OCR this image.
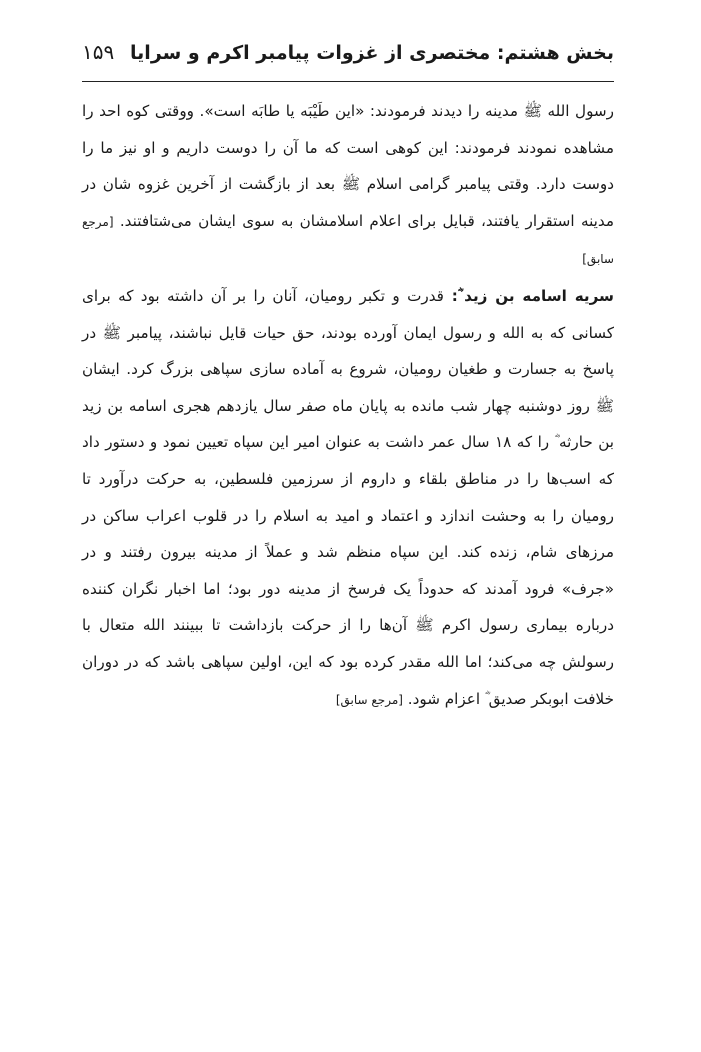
بخش هشتم: مختصری از غزوات پیامبر اکرم و سرایا
۱۵۹

رسول الله ﷺ مدینه را دیدند فرمودند: «این طَیْبَه یا طابَه است». ووقتی کوه احد را مشاهده نمودند فرمودند: این کوهی است که ما آن را دوست داریم و او نیز ما را دوست دارد. وقتی پیامبر گرامی اسلام ﷺ بعد از بازگشت از آخرین غزوه شان در مدینه استقرار یافتند، قبایل برای اعلام اسلامشان به سوی ایشان می‌شتافتند. [مرجع سابق]

سریه اسامه بن زید ؓ: قدرت و تکبر رومیان، آنان را بر آن داشته بود که برای کسانی که به الله و رسول ایمان آورده بودند، حق حیات قایل نباشند، پیامبر ﷺ در پاسخ به جسارت و طغیان رومیان، شروع به آماده سازی سپاهی بزرگ کرد. ایشان ﷺ روز دوشنبه چهار شب مانده به پایان ماه صفر سال یازدهم هجری اسامه بن زید بن حارثه ؓ را که ۱۸ سال عمر داشت به عنوان امیر این سپاه تعیین نمود و دستور داد که اسب‌ها را در مناطق بلقاء و داروم از سرزمین فلسطین، به حرکت درآورد تا رومیان را به وحشت اندازد و اعتماد و امید به اسلام را در قلوب اعراب ساکن در مرزهای شام، زنده کند. این سپاه منظم شد و عملاً از مدینه بیرون رفتند و در «جرف» فرود آمدند که حدوداً یک فرسخ از مدینه دور بود؛ اما اخبار نگران کننده درباره بیماری رسول اکرم ﷺ آن‌ها را از حرکت بازداشت تا ببینند الله متعال با رسولش چه می‌کند؛ اما الله مقدر کرده بود که این، اولین سپاهی باشد که در دوران خلافت ابوبکر صدیق ؓ اعزام شود. [مرجع سابق]
